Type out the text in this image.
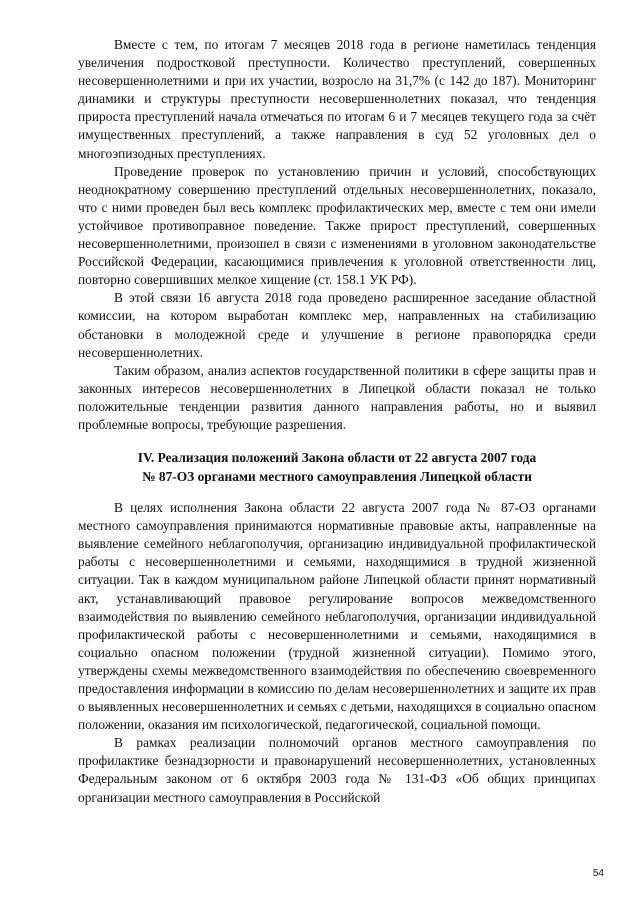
Вместе с тем, по итогам 7 месяцев 2018 года в регионе наметилась тенденция увеличения подростковой преступности. Количество преступлений, совершенных несовершеннолетними и при их участии, возросло на 31,7% (с 142 до 187). Мониторинг динамики и структуры преступности несовершеннолетних показал, что тенденция прироста преступлений начала отмечаться по итогам 6 и 7 месяцев текущего года за счёт имущественных преступлений, а также направления в суд 52 уголовных дел о многоэпизодных преступлениях.

Проведение проверок по установлению причин и условий, способствующих неоднократному совершению преступлений отдельных несовершеннолетних, показало, что с ними проведен был весь комплекс профилактических мер, вместе с тем они имели устойчивое противоправное поведение. Также прирост преступлений, совершенных несовершеннолетними, произошел в связи с изменениями в уголовном законодательстве Российской Федерации, касающимися привлечения к уголовной ответственности лиц, повторно совершивших мелкое хищение (ст. 158.1 УК РФ).

В этой связи 16 августа 2018 года проведено расширенное заседание областной комиссии, на котором выработан комплекс мер, направленных на стабилизацию обстановки в молодежной среде и улучшение в регионе правопорядка среди несовершеннолетних.

Таким образом, анализ аспектов государственной политики в сфере защиты прав и законных интересов несовершеннолетних в Липецкой области показал не только положительные тенденции развития данного направления работы, но и выявил проблемные вопросы, требующие разрешения.

IV. Реализация положений Закона области от 22 августа 2007 года
№ 87-ОЗ органами местного самоуправления Липецкой области

В целях исполнения Закона области 22 августа 2007 года № 87-ОЗ органами местного самоуправления принимаются нормативные правовые акты, направленные на выявление семейного неблагополучия, организацию индивидуальной профилактической работы с несовершеннолетними и семьями, находящимися в трудной жизненной ситуации. Так в каждом муниципальном районе Липецкой области принят нормативный акт, устанавливающий правовое регулирование вопросов межведомственного взаимодействия по выявлению семейного неблагополучия, организации индивидуальной профилактической работы с несовершеннолетними и семьями, находящимися в социально опасном положении (трудной жизненной ситуации). Помимо этого, утверждены схемы межведомственного взаимодействия по обеспечению своевременного предоставления информации в комиссию по делам несовершеннолетних и защите их прав о выявленных несовершеннолетних и семьях с детьми, находящихся в социально опасном положении, оказания им психологической, педагогической, социальной помощи.

В рамках реализации полномочий органов местного самоуправления по профилактике безнадзорности и правонарушений несовершеннолетних, установленных Федеральным законом от 6 октября 2003 года № 131-ФЗ «Об общих принципах организации местного самоуправления в Российской

54
